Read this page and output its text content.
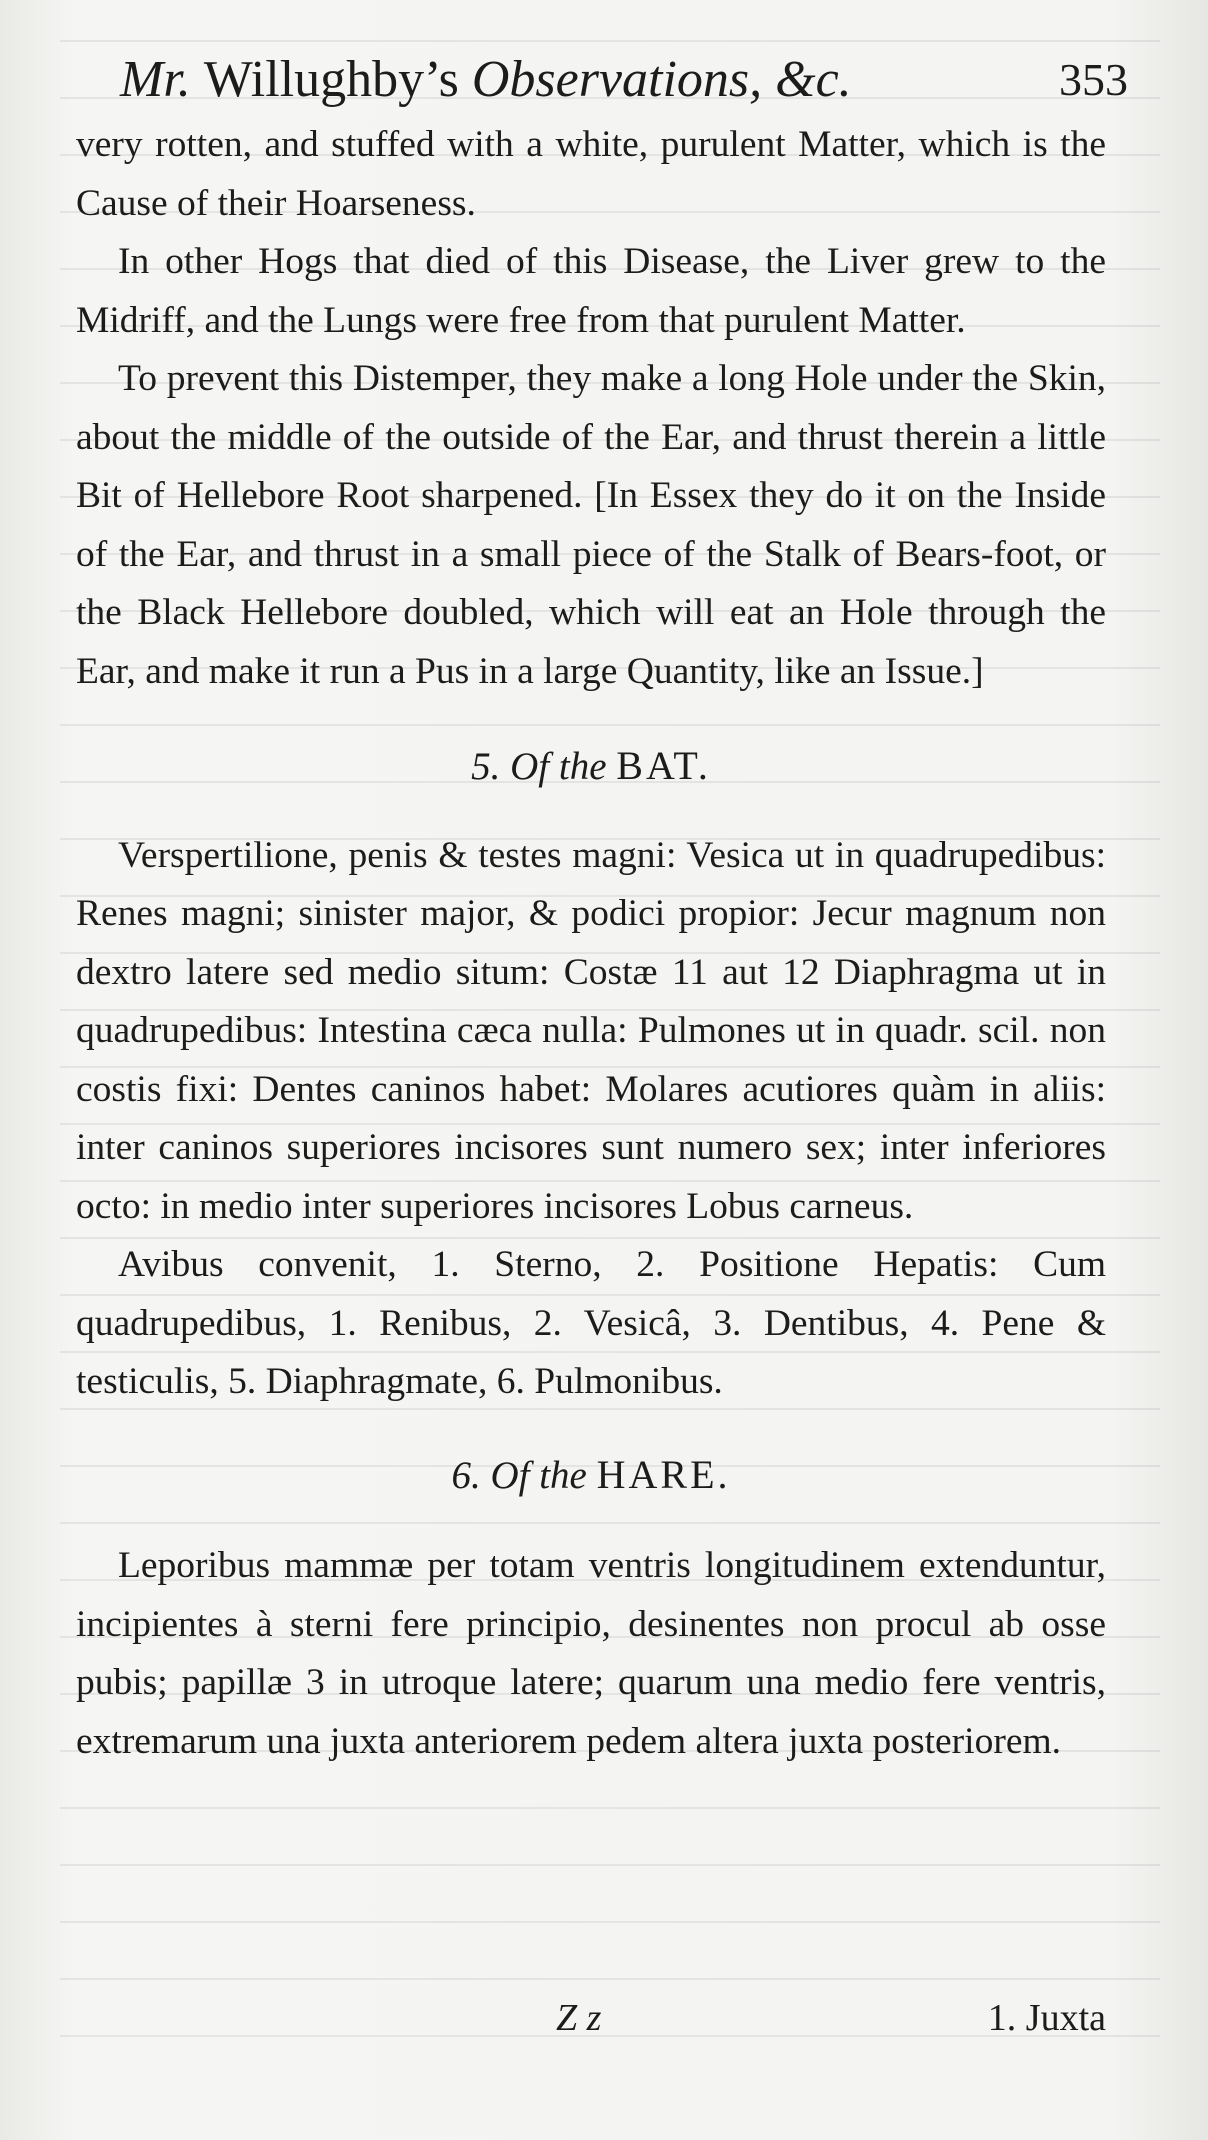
Mr. Willughby’s Observations, &c.	353

very rotten, and stuffed with a white, purulent Matter, which is the Cause of their Hoarseness.

In other Hogs that died of this Disease, the Liver grew to the Midriff, and the Lungs were free from that purulent Matter.

To prevent this Distemper, they make a long Hole under the Skin, about the middle of the outside of the Ear, and thrust therein a little Bit of Hellebore Root sharpened. [In Essex they do it on the Inside of the Ear, and thrust in a small piece of the Stalk of Bears-foot, or the Black Hellebore doubled, which will eat an Hole through the Ear, and make it run a Pus in a large Quantity, like an Issue.]

5. Of the BAT.

Verspertilione, penis & testes magni: Vesica ut in quadrupedibus: Renes magni; sinister major, & podici propior: Jecur magnum non dextro latere sed medio situm: Costæ 11 aut 12 Diaphragma ut in quadrupedibus: Intestina cæca nulla: Pulmones ut in quadr. scil. non costis fixi: Dentes caninos habet: Molares acutiores quàm in aliis: inter caninos superiores incisores sunt numero sex; inter inferiores octo: in medio inter superiores incisores Lobus carneus.

Avibus convenit, 1. Sterno, 2. Positione Hepatis: Cum quadrupedibus, 1. Renibus, 2. Vesicâ, 3. Dentibus, 4. Pene & testiculis, 5. Diaphragmate, 6. Pulmonibus.

6. Of the HARE.

Leporibus mammæ per totam ventris longitudinem extenduntur, incipientes à sterni fere principio, desinentes non procul ab osse pubis; papillæ 3 in utroque latere; quarum una medio fere ventris, extremarum una juxta anteriorem pedem altera juxta posteriorem.

Z z	1. Juxta
